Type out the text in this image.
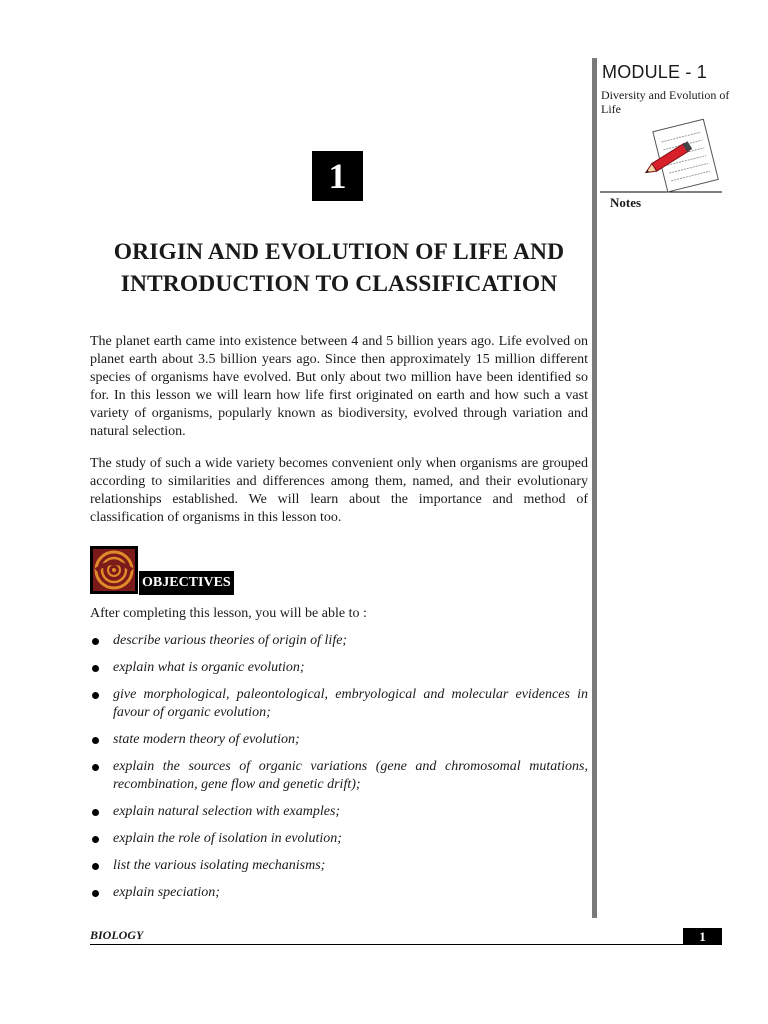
MODULE - 1
Diversity and Evolution of Life
Notes
1
ORIGIN AND EVOLUTION OF LIFE AND
INTRODUCTION TO CLASSIFICATION

The planet earth came into existence between 4 and 5 billion years ago. Life evolved on planet earth about 3.5 billion years ago. Since then approximately 15 million different species of organisms have evolved. But only about two million have been identified so for. In this lesson we will learn how life first originated on earth and how such a vast variety of organisms, popularly known as biodiversity, evolved through variation and natural selection.

The study of such a wide variety becomes convenient only when organisms are grouped according to similarities and differences among them, named, and their evolutionary relationships established. We will learn about the importance and method of classification of organisms in this lesson too.

OBJECTIVES
After completing this lesson, you will be able to :
describe various theories of origin of life;
explain what is organic evolution;
give morphological, paleontological, embryological and molecular evidences in favour of organic evolution;
state modern theory of evolution;
explain the sources of organic variations (gene and chromosomal mutations, recombination, gene flow and genetic drift);
explain natural selection with examples;
explain the role of isolation in evolution;
list the various isolating mechanisms;
explain speciation;
BIOLOGY	1
